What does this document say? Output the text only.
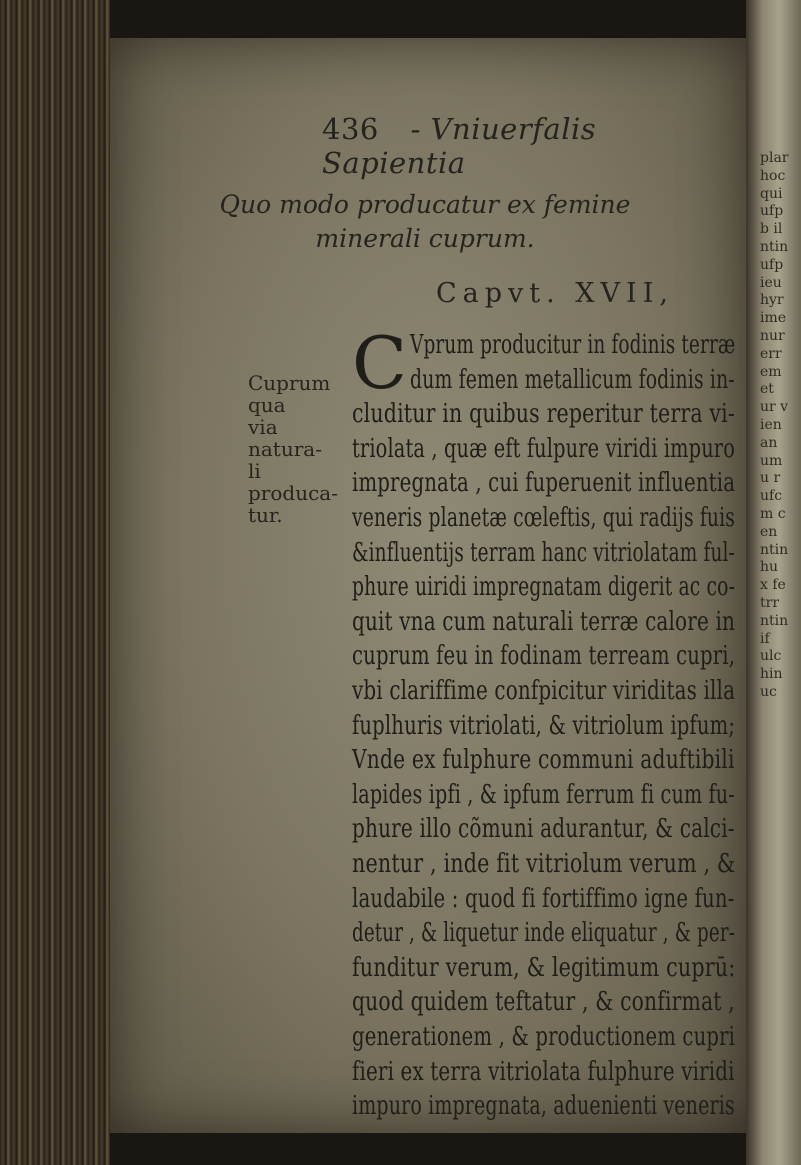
plar
hoc
qui
ufp
b il
ntin
ufp
ieu
hyr
ime
nur
err
em
et
ur v
ien
an
um
u r
ufc
m c
en
ntin
hu
x fe
trr
ntin
if
ulc
hin
uc
436 - Vniuerfalis Sapientia
Quo modo producatur ex femine
minerali cuprum.
Capvt. XVII,
C
Cuprum qua
via natura-
li produca-
tur.
Vprum producitur in fodinis terræ
dum femen metallicum fodinis in-
cluditur in quibus reperitur terra vi-
triolata , quæ eft fulpure viridi impuro
impregnata , cui fuperuenit influentia
veneris planetæ cœleftis, qui radijs fuis
&influentijs terram hanc vitriolatam ful-
phure uiridi impregnatam digerit ac co-
quit vna cum naturali terræ calore in
cuprum feu in fodinam terream cupri,
vbi clariffime confpicitur viriditas illa
fuplhuris vitriolati, & vitriolum ipfum;
Vnde ex fulphure communi aduftibili
lapides ipfi , & ipfum ferrum fi cum fu-
phure illo cõmuni adurantur, & calci-
nentur , inde fit vitriolum verum , &
laudabile : quod fi fortiffimo igne fun-
detur , & liquetur inde eliquatur , & per-
funditur verum, & legitimum cuprū:
quod quidem teftatur , & confirmat ,
generationem , & productionem cupri
fieri ex terra vitriolata fulphure viridi
impuro impregnata, aduenienti veneris
